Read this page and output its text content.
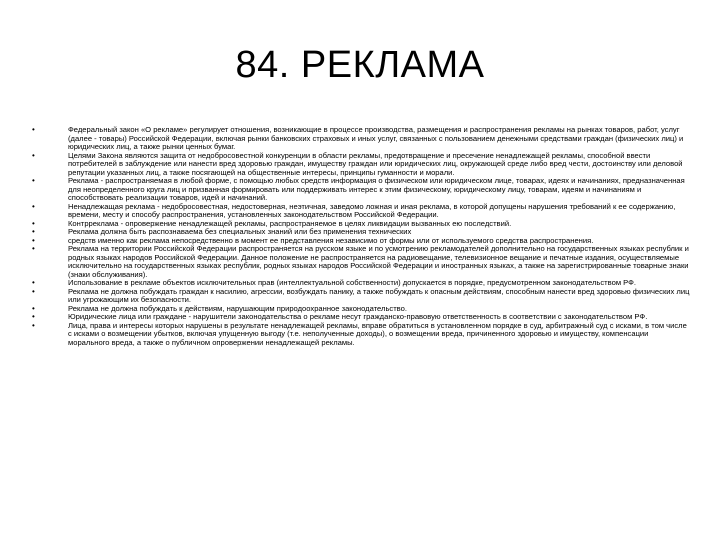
84. РЕКЛАМА
•	Федеральный закон «О рекламе» регулирует отношения, возникающие в процессе производства, размещения и распространения рекламы на рынках товаров, работ, услуг (далее - товары) Российской Федерации, включая рынки банковских страховых и иных услуг, связанных с пользованием денежными средствами граждан (физических лиц) и юридических лиц, а также рынки ценных бумаг.
•	Целями Закона являются защита от недобросовестной конкуренции в области рекламы, предотвращение и пресечение ненадлежащей рекламы, способной ввести потребителей в заблуждение или нанести вред здоровью граждан, имуществу граждан или юридических лиц, окружающей среде либо вред чести, достоинству или деловой репутации указанных лиц, а также посягающей на общественные интересы, принципы гуманности и морали.
•	Реклама - распространяемая в любой форме, с помощью любых средств информация о физическом или юридическом лице, товарах, идеях и начинаниях, предназначенная для неопределенного круга лиц и призванная формировать или поддерживать интерес к этим физическому, юридическому лицу, товарам, идеям и начинаниям и способствовать реализации товаров, идей и начинаний.
•	Ненадлежащая реклама - недобросовестная, недостоверная, неэтичная, заведомо ложная и иная реклама, в которой допущены нарушения требований к ее содержанию, времени, месту и способу распространения, установленных законодательством Российской Федерации.
•	Контрреклама - опровержение ненадлежащей рекламы, распространяемое в целях ликвидации вызванных ею последствий.
•	Реклама должна быть распознаваема без специальных знаний или без применения технических
•	средств именно как реклама непосредственно в момент ее представления независимо от формы или от используемого средства распространения.
•	Реклама на территории Российской Федерации распространяется на русском языке и по усмотрению рекламодателей дополнительно на государственных языках республик и родных языках народов Российской Федерации. Данное положение не распространяется на радиовещание, телевизионное вещание и печатные издания, осуществляемые исключительно на государственных языках республик, родных языках народов Российской Федерации и иностранных языках, а также на зарегистрированные товарные знаки (знаки обслуживания).
•	Использование в рекламе объектов исключительных прав (интеллектуальной собственности) допускается в порядке, предусмотренном законодательством РФ.
•	Реклама не должна побуждать граждан к насилию, агрессии, возбуждать панику, а также побуждать к опасным действиям, способным нанести вред здоровью физических лиц или угрожающим их безопасности.
•	Реклама не должна побуждать к действиям, нарушающим природоохранное законодательство.
•	Юридические лица или граждане - нарушители законодательства о рекламе несут гражданско-правовую ответственность в соответствии с законодательством РФ.
•	Лица, права и интересы которых нарушены в результате ненадлежащей рекламы, вправе обратиться в установленном порядке в суд, арбитражный суд с исками, в том числе с исками о возмещении убытков, включая упущенную выгоду (т.е. неполученные доходы), о возмещении вреда, причиненного здоровью и имуществу, компенсации морального вреда, а также о публичном опровержении ненадлежащей рекламы.
